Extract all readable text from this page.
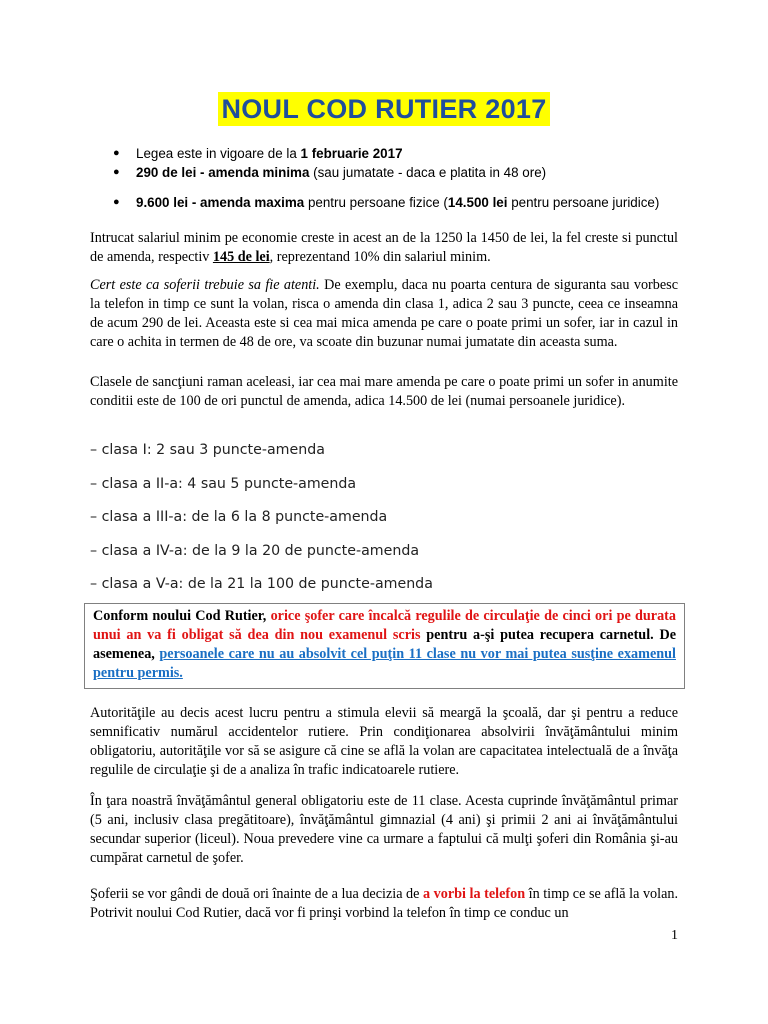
NOUL COD RUTIER 2017
● Legea este in vigoare de la 1 februarie 2017
● 290 de lei - amenda minima (sau jumatate - daca e platita in 48 ore)
● 9.600 lei - amenda maxima pentru persoane fizice (14.500 lei pentru persoane juridice)
Intrucat salariul minim pe economie creste in acest an de la 1250 la 1450 de lei, la fel creste si punctul de amenda, respectiv 145 de lei, reprezentand 10% din salariul minim.
Cert este ca soferii trebuie sa fie atenti. De exemplu, daca nu poarta centura de siguranta sau vorbesc la telefon in timp ce sunt la volan, risca o amenda din clasa 1, adica 2 sau 3 puncte, ceea ce inseamna de acum 290 de lei. Aceasta este si cea mai mica amenda pe care o poate primi un sofer, iar in cazul in care o achita in termen de 48 de ore, va scoate din buzunar numai jumatate din aceasta suma.
Clasele de sancţiuni raman aceleasi, iar cea mai mare amenda pe care o poate primi un sofer in anumite conditii este de 100 de ori punctul de amenda, adica 14.500 de lei (numai persoanele juridice).
– clasa I: 2 sau 3 puncte-amenda
– clasa a II-a: 4 sau 5 puncte-amenda
– clasa a III-a: de la 6 la 8 puncte-amenda
– clasa a IV-a: de la 9 la 20 de puncte-amenda
– clasa a V-a: de la 21 la 100 de puncte-amenda
Conform noului Cod Rutier, orice şofer care încalcă regulile de circulaţie de cinci ori pe durata unui an va fi obligat să dea din nou examenul scris pentru a-şi putea recupera carnetul. De asemenea, persoanele care nu au absolvit cel puţin 11 clase nu vor mai putea susţine examenul pentru permis.
Autorităţile au decis acest lucru pentru a stimula elevii să meargă la şcoală, dar şi pentru a reduce semnificativ numărul accidentelor rutiere. Prin condiţionarea absolvirii învăţământului minim obligatoriu, autorităţile vor să se asigure că cine se află la volan are capacitatea intelectuală de a învăţa regulile de circulaţie şi de a analiza în trafic indicatoarele rutiere.
În ţara noastră învăţământul general obligatoriu este de 11 clase. Acesta cuprinde învăţământul primar (5 ani, inclusiv clasa pregătitoare), învăţământul gimnazial (4 ani) şi primii 2 ani ai învăţământului secundar superior (liceul). Noua prevedere vine ca urmare a faptului că mulţi şoferi din România şi-au cumpărat carnetul de şofer.
Şoferii se vor gândi de două ori înainte de a lua decizia de a vorbi la telefon în timp ce se află la volan. Potrivit noului Cod Rutier, dacă vor fi prinşi vorbind la telefon în timp ce conduc un
1
